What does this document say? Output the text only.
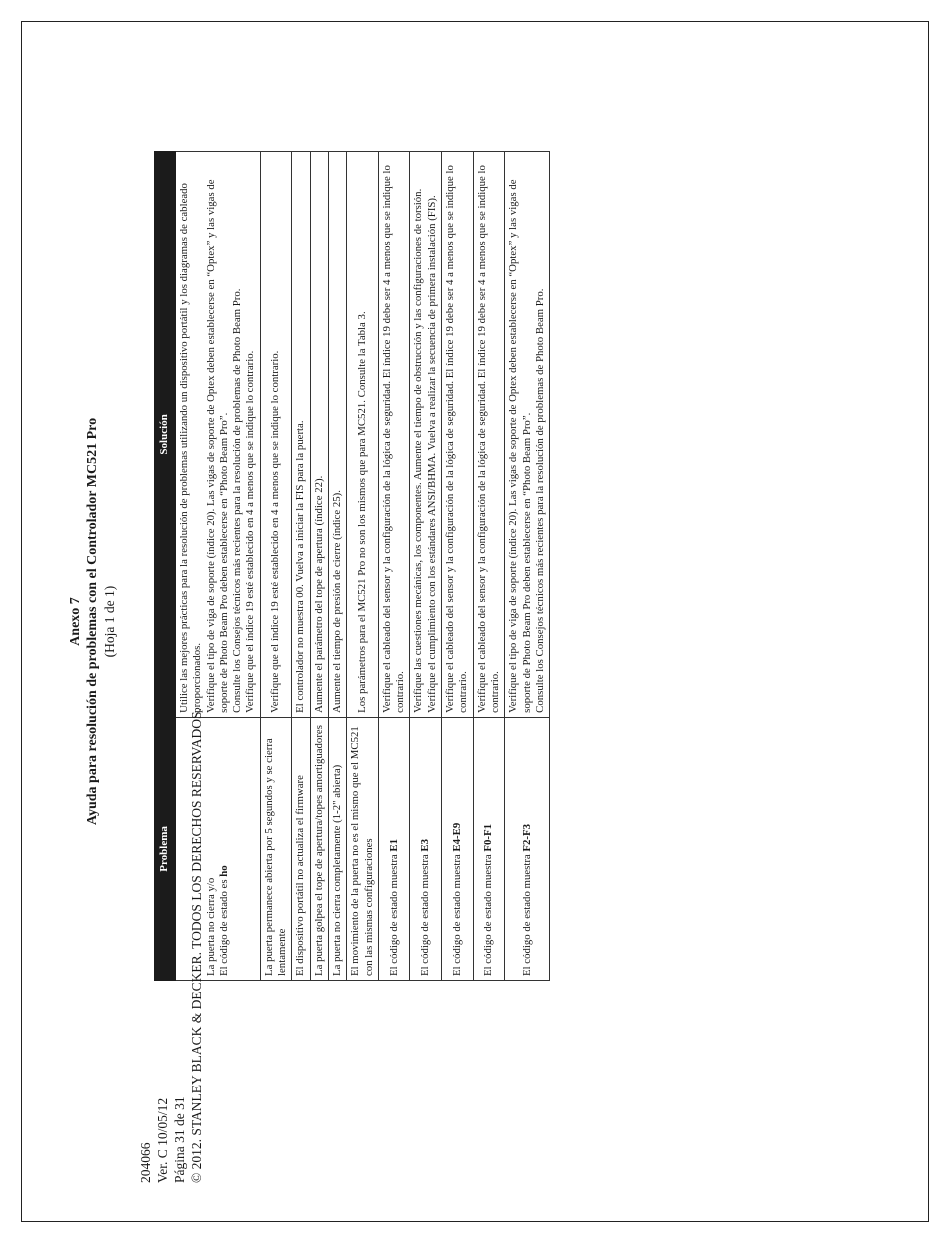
Anexo 7 Ayuda para resolución de problemas con el Controlador MC521 Pro (Hoja 1 de 1)
Problema	Solución

La puerta no cierra y/o El código de estado es ho	Utilice las mejores prácticas para la resolución de problemas utilizando un dispositivo portátil y los diagramas de cableado proporcionados. Verifique el tipo de viga de soporte (índice 20). Las vigas de soporte de Optex deben establecerse en “Optex” y las vigas de soporte de Photo Beam Pro deben establecerse en “Photo Beam Pro”. Consulte los Consejos técnicos más recientes para la resolución de problemas de Photo Beam Pro. Verifique que el índice 19 esté establecido en 4 a menos que se indique lo contrario.

La puerta permanece abierta por 5 segundos y se cierra lentamente	Verifique que el índice 19 esté establecido en 4 a menos que se indique lo contrario.

El dispositivo portátil no actualiza el firmware	El controlador no muestra 00. Vuelva a iniciar la FIS para la puerta.

La puerta golpea el tope de apertura/topes amortiguadores	Aumente el parámetro del tope de apertura (índice 22).

La puerta no cierra completamente (1-2" abierta)	Aumente el tiempo de presión de cierre (índice 25).

El movimiento de la puerta no es el mismo que el MC521 con las mismas configuraciones	Los parámetros para el MC521 Pro no son los mismos que para MC521. Consulte la Tabla 3.

El código de estado muestra E1	Verifique el cableado del sensor y la configuración de la lógica de seguridad. El índice 19 debe ser 4 a menos que se indique lo contrario.

El código de estado muestra E3	Verifique las cuestiones mecánicas, los componentes. Aumente el tiempo de obstrucción y las configuraciones de torsión. Verifique el cumplimiento con los estándares ANSI/BHMA. Vuelva a realizar la secuencia de primera instalación (FIS).

El código de estado muestra E4-E9	Verifique el cableado del sensor y la configuración de la lógica de seguridad. El índice 19 debe ser 4 a menos que se indique lo contrario.

El código de estado muestra F0-F1	Verifique el cableado del sensor y la configuración de la lógica de seguridad. El índice 19 debe ser 4 a menos que se indique lo contrario.

El código de estado muestra F2-F3	Verifique el tipo de viga de soporte (índice 20). Las vigas de soporte de Optex deben establecerse en “Optex” y las vigas de soporte de Photo Beam Pro deben establecerse en “Photo Beam Pro”. Consulte los Consejos técnicos más recientes para la resolución de problemas de Photo Beam Pro.
204066 Ver. C 10/05/12 Página 31 de 31 © 2012. STANLEY BLACK & DECKER. TODOS LOS DERECHOS RESERVADOS.
